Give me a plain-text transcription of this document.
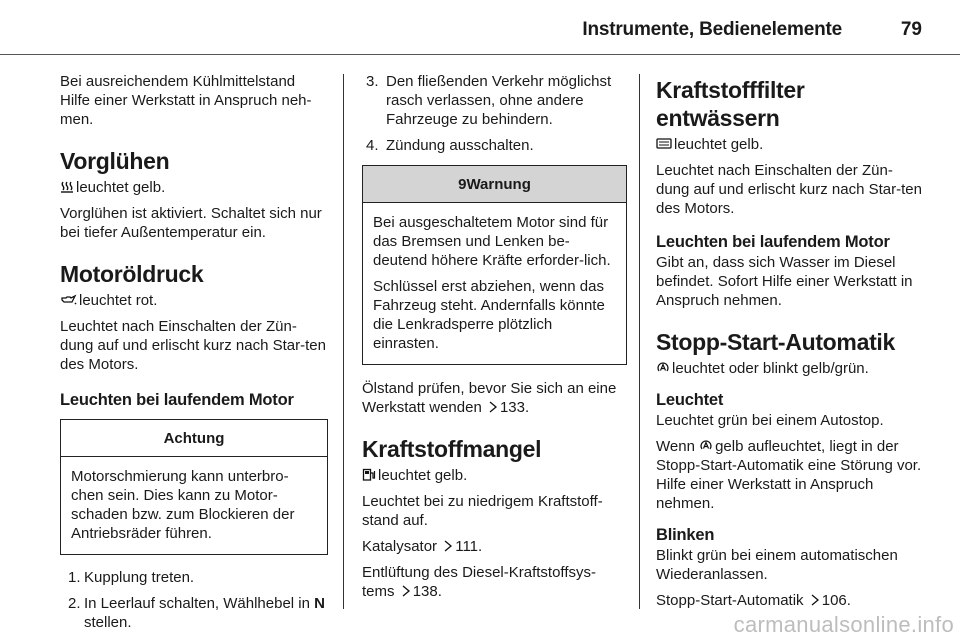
Instrumente, Bedienelemente	79

Bei ausreichendem Kühlmittelstand Hilfe einer Werkstatt in Anspruch neh-men.

Vorglühen

leuchtet gelb.

Vorglühen ist aktiviert. Schaltet sich nur bei tiefer Außentemperatur ein.

Motoröldruck

leuchtet rot.

Leuchtet nach Einschalten der Zün-dung auf und erlischt kurz nach Star-ten des Motors.

Leuchten bei laufendem Motor
Achtung

Motorschmierung kann unterbro-chen sein. Dies kann zu Motor-schaden bzw. zum Blockieren der Antriebsräder führen.

1. Kupplung treten.
2. In Leerlauf schalten, Wählhebel in N stellen.
3. Den fließenden Verkehr möglichst rasch verlassen, ohne andere Fahrzeuge zu behindern.
4. Zündung ausschalten.
9Warnung

Bei ausgeschaltetem Motor sind für das Bremsen und Lenken be-deutend höhere Kräfte erforder-lich.

Schlüssel erst abziehen, wenn das Fahrzeug steht. Andernfalls könnte die Lenkradsperre plötzlich einrasten.

Ölstand prüfen, bevor Sie sich an eine Werkstatt wenden 133.

Kraftstoffmangel

leuchtet gelb.

Leuchtet bei zu niedrigem Kraftstoff-stand auf.

Katalysator 111.

Entlüftung des Diesel-Kraftstoffsys-tems 138.

Kraftstofffilter entwässern

leuchtet gelb.

Leuchtet nach Einschalten der Zün-dung auf und erlischt kurz nach Star-ten des Motors.

Leuchten bei laufendem Motor

Gibt an, dass sich Wasser im Diesel befindet. Sofort Hilfe einer Werkstatt in Anspruch nehmen.

Stopp-Start-Automatik

leuchtet oder blinkt gelb/grün.

Leuchtet

Leuchtet grün bei einem Autostop.

Wenn gelb aufleuchtet, liegt in der Stopp-Start-Automatik eine Störung vor. Hilfe einer Werkstatt in Anspruch nehmen.

Blinken

Blinkt grün bei einem automatischen Wiederanlassen.

Stopp-Start-Automatik 106.

carmanualsonline.info
